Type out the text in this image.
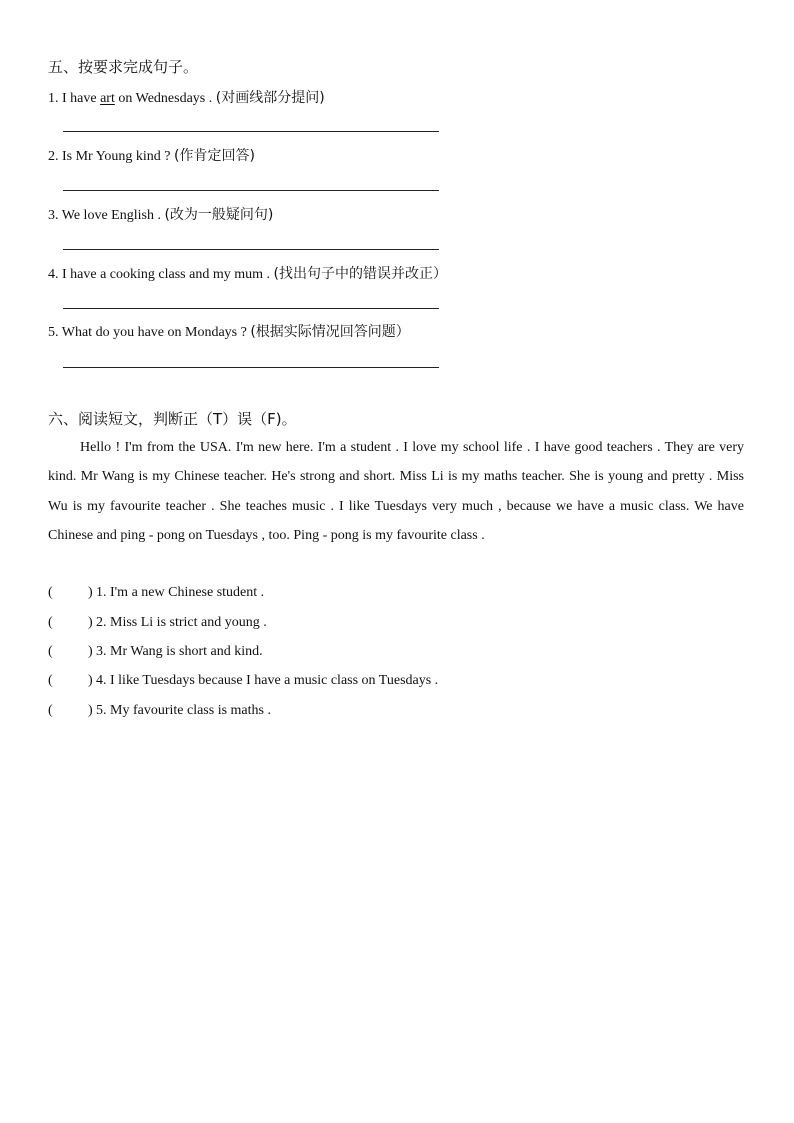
五、按要求完成句子。
1. I have art on Wednesdays . (对画线部分提问)
2. Is Mr Young kind ? (作肯定回答)
3. We love English . (改为一般疑问句)
4. I have a cooking class and my mum . (找出句子中的错误并改正）
5. What do you have on Mondays ? (根据实际情况回答问题）
六、阅读短文，判断正（T）误（F)。

Hello ! I'm from the USA. I'm new here. I'm a student . I love my school life . I have good teachers . They are very kind. Mr Wang is my Chinese teacher. He's strong and short. Miss Li is my maths teacher. She is young and pretty . Miss Wu is my favourite teacher . She teaches music . I like Tuesdays very much , because we have a music class. We have Chinese and ping - pong on Tuesdays , too. Ping - pong is my favourite class .

(	) 1. I'm a new Chinese student .
(	) 2. Miss Li is strict and young .
(	) 3. Mr Wang is short and kind.
(	) 4. I like Tuesdays because I have a music class on Tuesdays .
(	) 5. My favourite class is maths .
